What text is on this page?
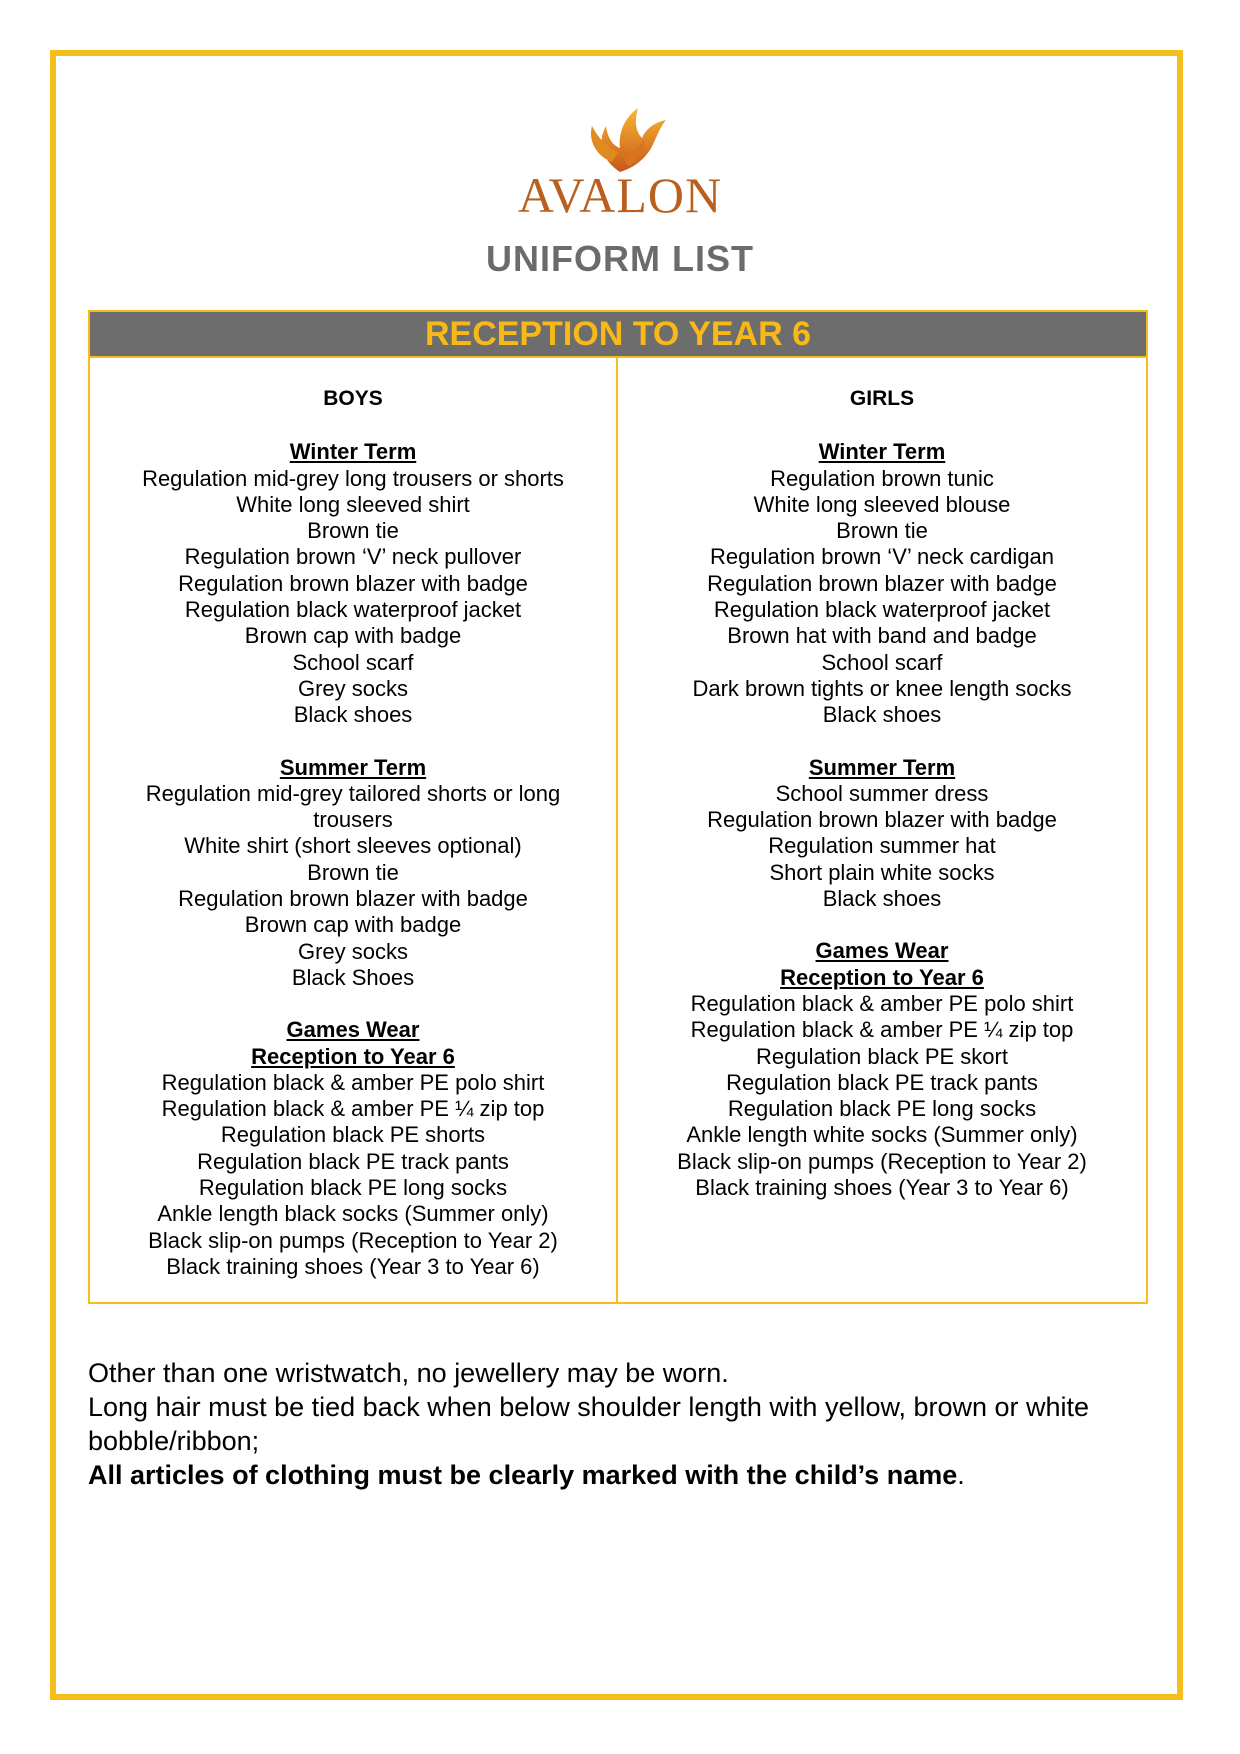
AVALON
UNIFORM LIST
RECEPTION TO YEAR 6
BOYS
Winter Term
Regulation mid-grey long trousers or shorts
White long sleeved shirt
Brown tie
Regulation brown ‘V’ neck pullover
Regulation brown blazer with badge
Regulation black waterproof jacket
Brown cap with badge
School scarf
Grey socks
Black shoes
Summer Term
Regulation mid-grey tailored shorts or long trousers
White shirt (short sleeves optional)
Brown tie
Regulation brown blazer with badge
Brown cap with badge
Grey socks
Black Shoes
Games Wear
Reception to Year 6
Regulation black & amber PE polo shirt
Regulation black & amber PE ¼ zip top
Regulation black PE shorts
Regulation black PE track pants
Regulation black PE long socks
Ankle length black socks (Summer only)
Black slip-on pumps (Reception to Year 2)
Black training shoes (Year 3 to Year 6)
GIRLS
Winter Term
Regulation brown tunic
White long sleeved blouse
Brown tie
Regulation brown ‘V’ neck cardigan
Regulation brown blazer with badge
Regulation black waterproof jacket
Brown hat with band and badge
School scarf
Dark brown tights or knee length socks
Black shoes
Summer Term
School summer dress
Regulation brown blazer with badge
Regulation summer hat
Short plain white socks
Black shoes
Games Wear
Reception to Year 6
Regulation black & amber PE polo shirt
Regulation black & amber PE ¼ zip top
Regulation black PE skort
Regulation black PE track pants
Regulation black PE long socks
Ankle length white socks (Summer only)
Black slip-on pumps (Reception to Year 2)
Black training shoes (Year 3 to Year 6)

Other than one wristwatch, no jewellery may be worn.

Long hair must be tied back when below shoulder length with yellow, brown or white bobble/ribbon;

All articles of clothing must be clearly marked with the child’s name.
